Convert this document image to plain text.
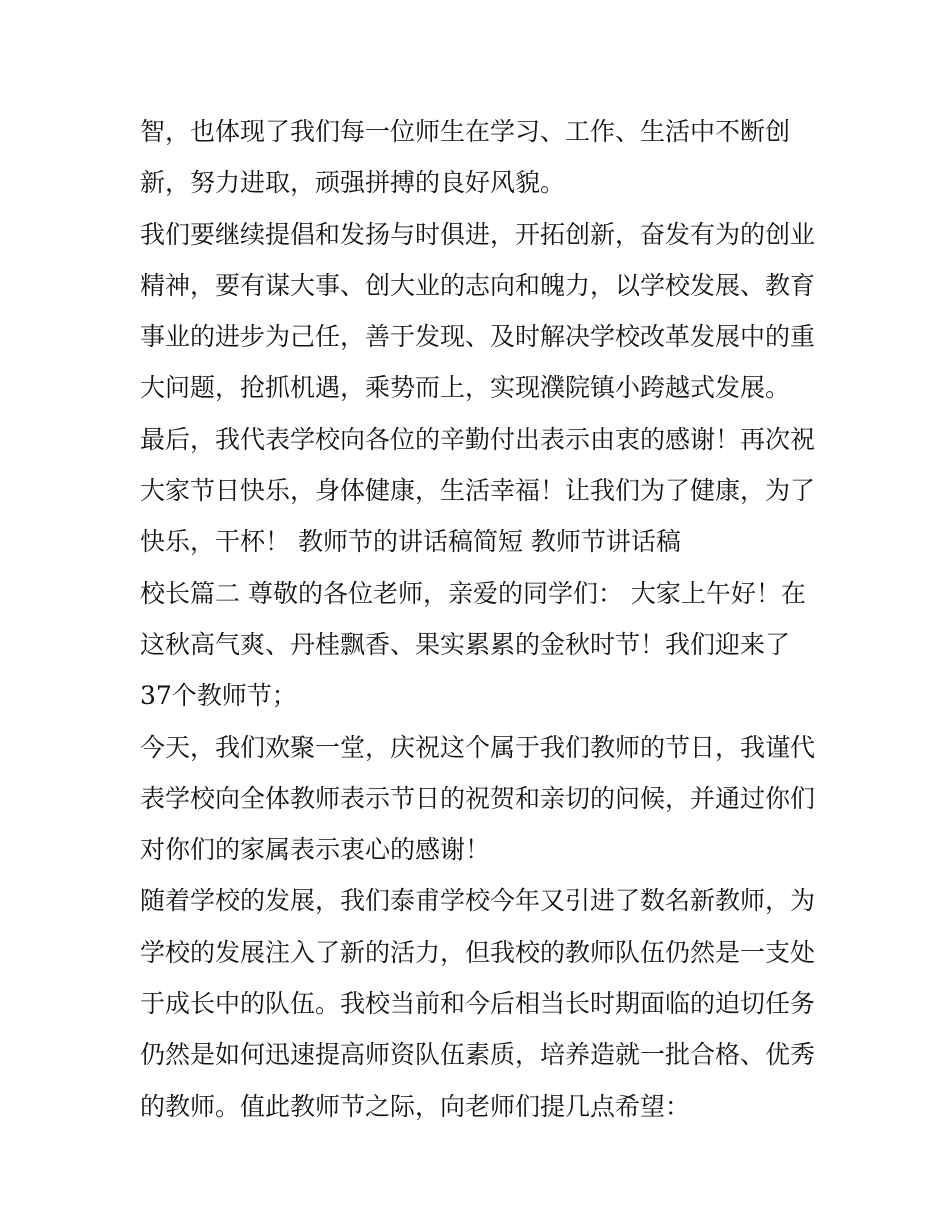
智，也体现了我们每一位师生在学习、工作、生活中不断创
新，努力进取，顽强拼搏的良好风貌。
我们要继续提倡和发扬与时俱进，开拓创新，奋发有为的创业
精神，要有谋大事、创大业的志向和魄力，以学校发展、教育
事业的进步为己任，善于发现、及时解决学校改革发展中的重
大问题，抢抓机遇，乘势而上，实现濮院镇小跨越式发展。
最后，我代表学校向各位的辛勤付出表示由衷的感谢！再次祝
大家节日快乐，身体健康，生活幸福！让我们为了健康，为了
快乐，干杯！ 教师节的讲话稿简短 教师节讲话稿
校长篇二 尊敬的各位老师，亲爱的同学们： 大家上午好！在
这秋高气爽、丹桂飘香、果实累累的金秋时节！我们迎来了
37个教师节；
今天，我们欢聚一堂，庆祝这个属于我们教师的节日，我谨代
表学校向全体教师表示节日的祝贺和亲切的问候，并通过你们
对你们的家属表示衷心的感谢！
随着学校的发展，我们泰甫学校今年又引进了数名新教师，为
学校的发展注入了新的活力，但我校的教师队伍仍然是一支处
于成长中的队伍。我校当前和今后相当长时期面临的迫切任务
仍然是如何迅速提高师资队伍素质，培养造就一批合格、优秀
的教师。值此教师节之际，向老师们提几点希望：
